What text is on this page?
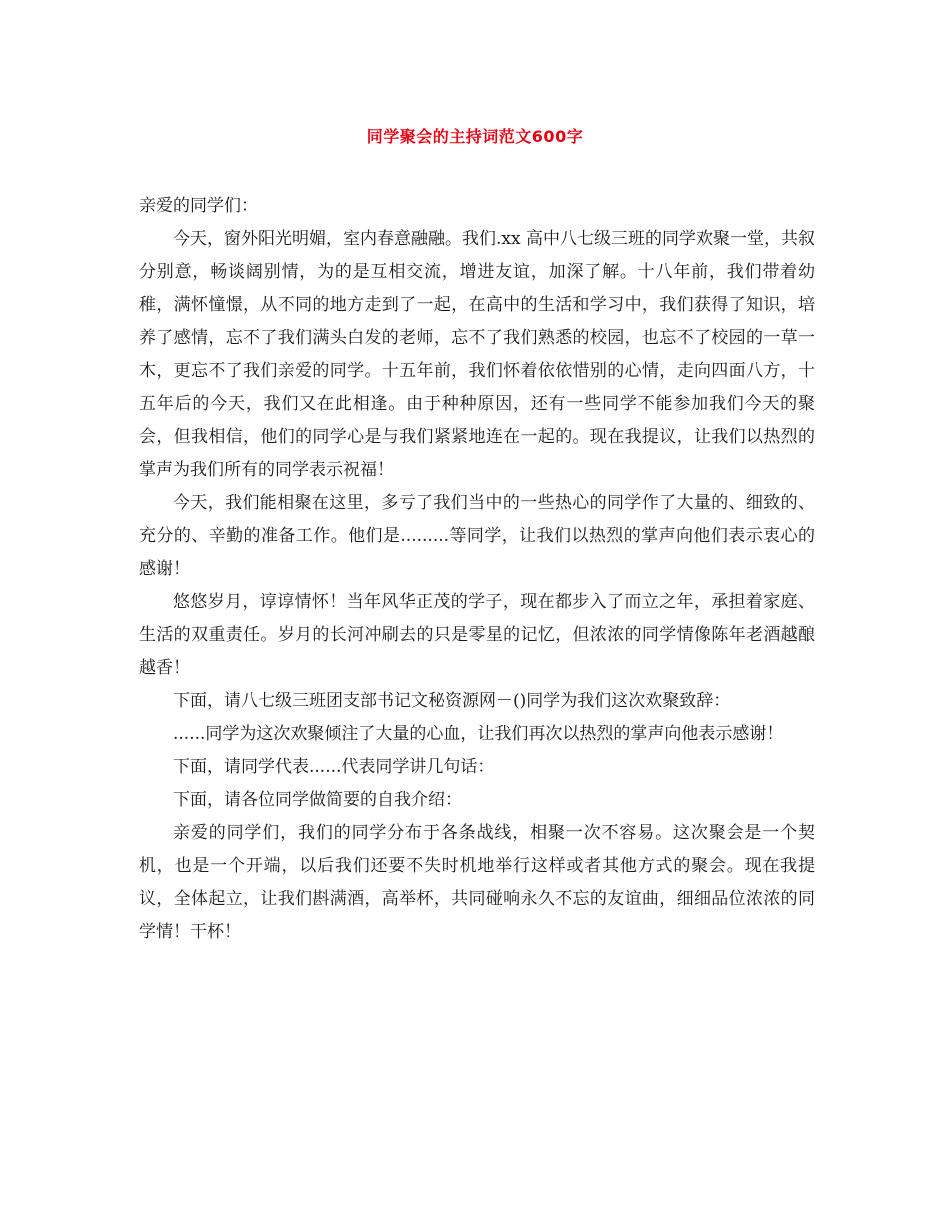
同学聚会的主持词范文600字

亲爱的同学们：

今天，窗外阳光明媚，室内春意融融。我们.xx 高中八七级三班的同学欢聚一堂，共叙分别意，畅谈阔别情，为的是互相交流，增进友谊，加深了解。十八年前，我们带着幼稚，满怀憧憬，从不同的地方走到了一起，在高中的生活和学习中，我们获得了知识，培养了感情，忘不了我们满头白发的老师，忘不了我们熟悉的校园，也忘不了校园的一草一木，更忘不了我们亲爱的同学。十五年前，我们怀着依依惜别的心情，走向四面八方，十五年后的今天，我们又在此相逢。由于种种原因，还有一些同学不能参加我们今天的聚会，但我相信，他们的同学心是与我们紧紧地连在一起的。现在我提议，让我们以热烈的掌声为我们所有的同学表示祝福！

今天，我们能相聚在这里，多亏了我们当中的一些热心的同学作了大量的、细致的、充分的、辛勤的准备工作。他们是.........等同学，让我们以热烈的掌声向他们表示衷心的感谢！

悠悠岁月，谆谆情怀！当年风华正茂的学子，现在都步入了而立之年，承担着家庭、生活的双重责任。岁月的长河冲刷去的只是零星的记忆，但浓浓的同学情像陈年老酒越酿越香！

下面，请八七级三班团支部书记文秘资源网－()同学为我们这次欢聚致辞：

......同学为这次欢聚倾注了大量的心血，让我们再次以热烈的掌声向他表示感谢！

下面，请同学代表......代表同学讲几句话：

下面，请各位同学做简要的自我介绍：

亲爱的同学们，我们的同学分布于各条战线，相聚一次不容易。这次聚会是一个契机，也是一个开端，以后我们还要不失时机地举行这样或者其他方式的聚会。现在我提议，全体起立，让我们斟满酒，高举杯，共同碰响永久不忘的友谊曲，细细品位浓浓的同学情！干杯！
